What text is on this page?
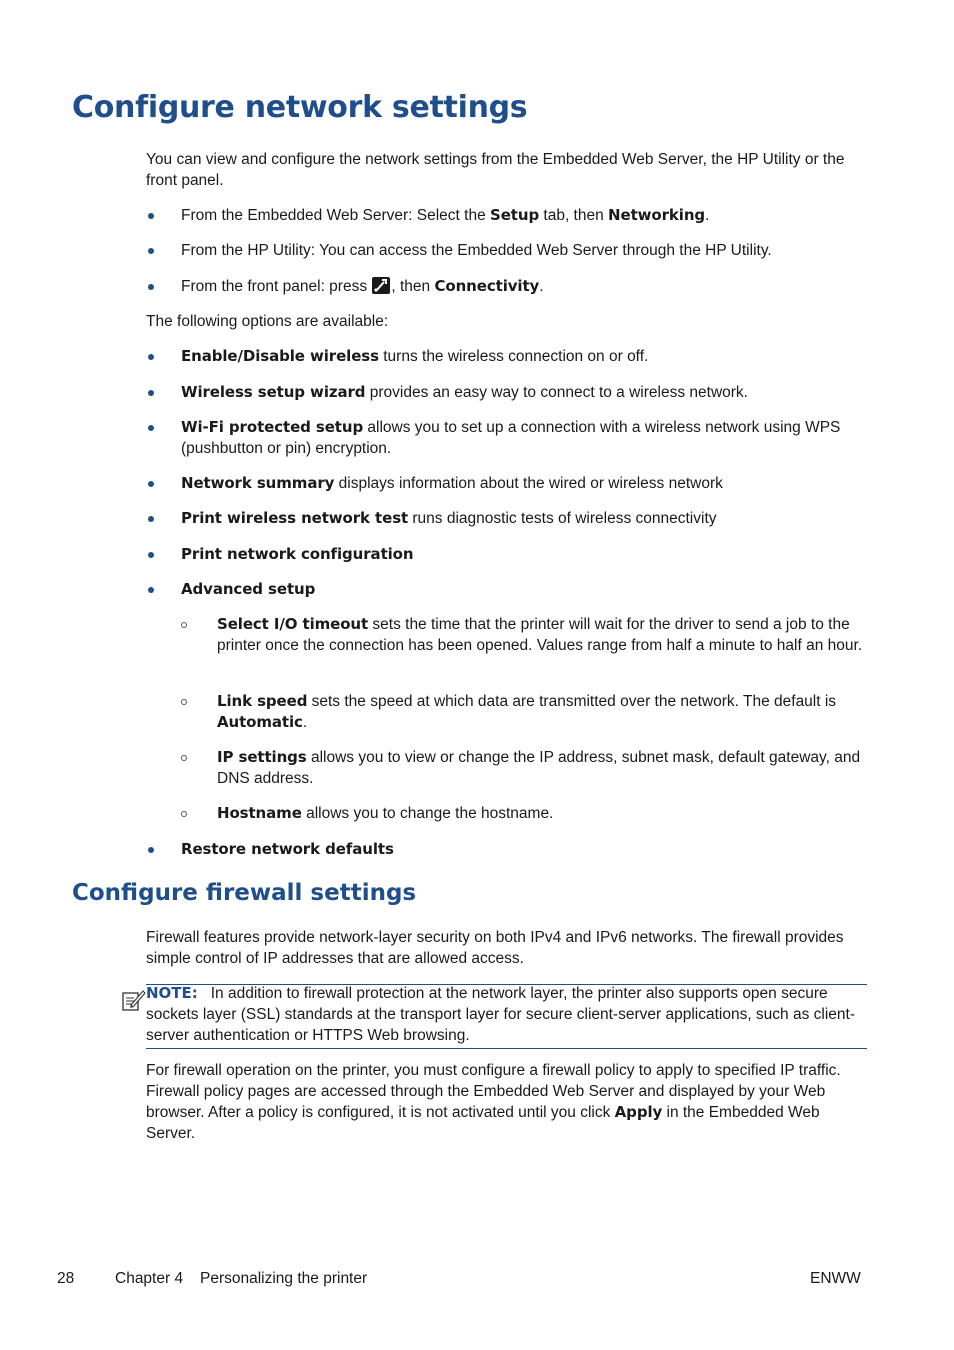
Configure network settings
You can view and configure the network settings from the Embedded Web Server, the HP Utility or the front panel.
From the Embedded Web Server: Select the Setup tab, then Networking.
From the HP Utility: You can access the Embedded Web Server through the HP Utility.
From the front panel: press
, then Connectivity.
The following options are available:
Enable/Disable wireless turns the wireless connection on or off.
Wireless setup wizard provides an easy way to connect to a wireless network.
Wi-Fi protected setup allows you to set up a connection with a wireless network using WPS (pushbutton or pin) encryption.
Network summary displays information about the wired or wireless network
Print wireless network test runs diagnostic tests of wireless connectivity
Print network configuration
Advanced setup
Select I/O timeout sets the time that the printer will wait for the driver to send a job to the printer once the connection has been opened. Values range from half a minute to half an hour.
Link speed sets the speed at which data are transmitted over the network. The default is Automatic.
IP settings allows you to view or change the IP address, subnet mask, default gateway, and DNS address.
Hostname allows you to change the hostname.
Restore network defaults
Configure firewall settings
Firewall features provide network-layer security on both IPv4 and IPv6 networks. The firewall provides simple control of IP addresses that are allowed access.
NOTE: In addition to firewall protection at the network layer, the printer also supports open secure sockets layer (SSL) standards at the transport layer for secure client-server applications, such as client-server authentication or HTTPS Web browsing.
For firewall operation on the printer, you must configure a firewall policy to apply to specified IP traffic. Firewall policy pages are accessed through the Embedded Web Server and displayed by your Web browser. After a policy is configured, it is not activated until you click Apply in the Embedded Web Server.
28	Chapter 4 Personalizing the printer	ENWW
